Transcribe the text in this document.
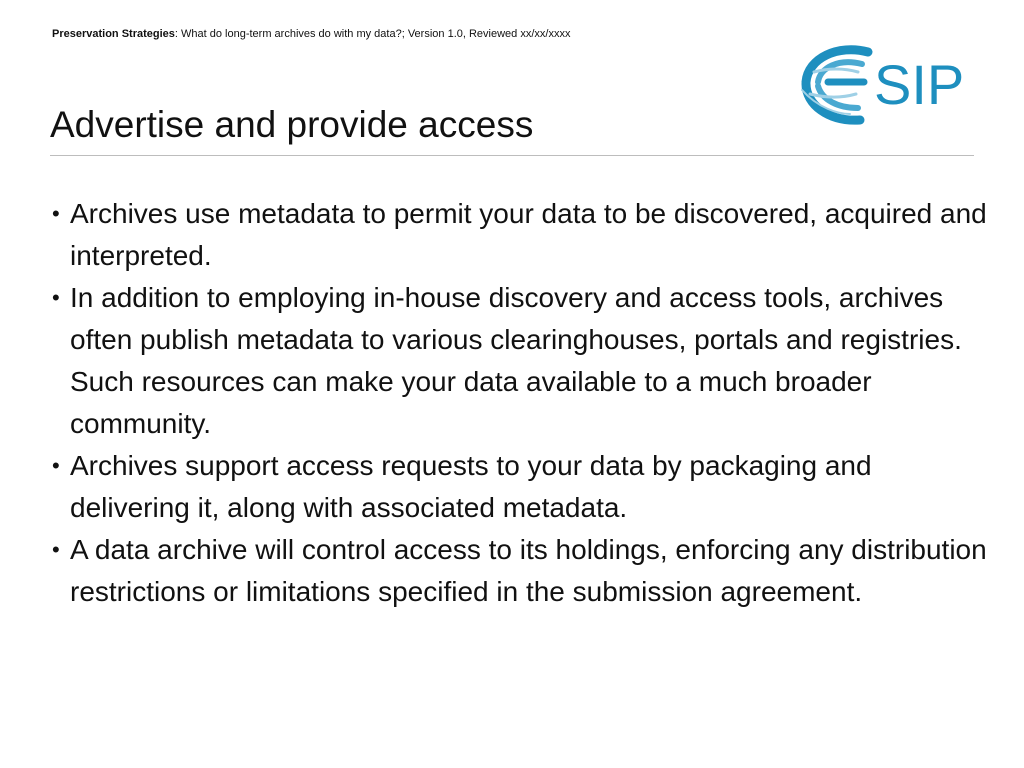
Preservation Strategies: What do long-term archives do with my data?; Version 1.0, Reviewed xx/xx/xxxx
SIP
Advertise and provide access
• Archives use metadata to permit your data to be discovered, acquired and interpreted.
• In addition to employing in-house discovery and access tools, archives often publish metadata to various clearinghouses, portals and registries. Such resources can make your data available to a much broader community.
• Archives support access requests to your data by packaging and delivering it, along with associated metadata.
• A data archive will control access to its holdings, enforcing any distribution restrictions or limitations specified in the submission agreement.
